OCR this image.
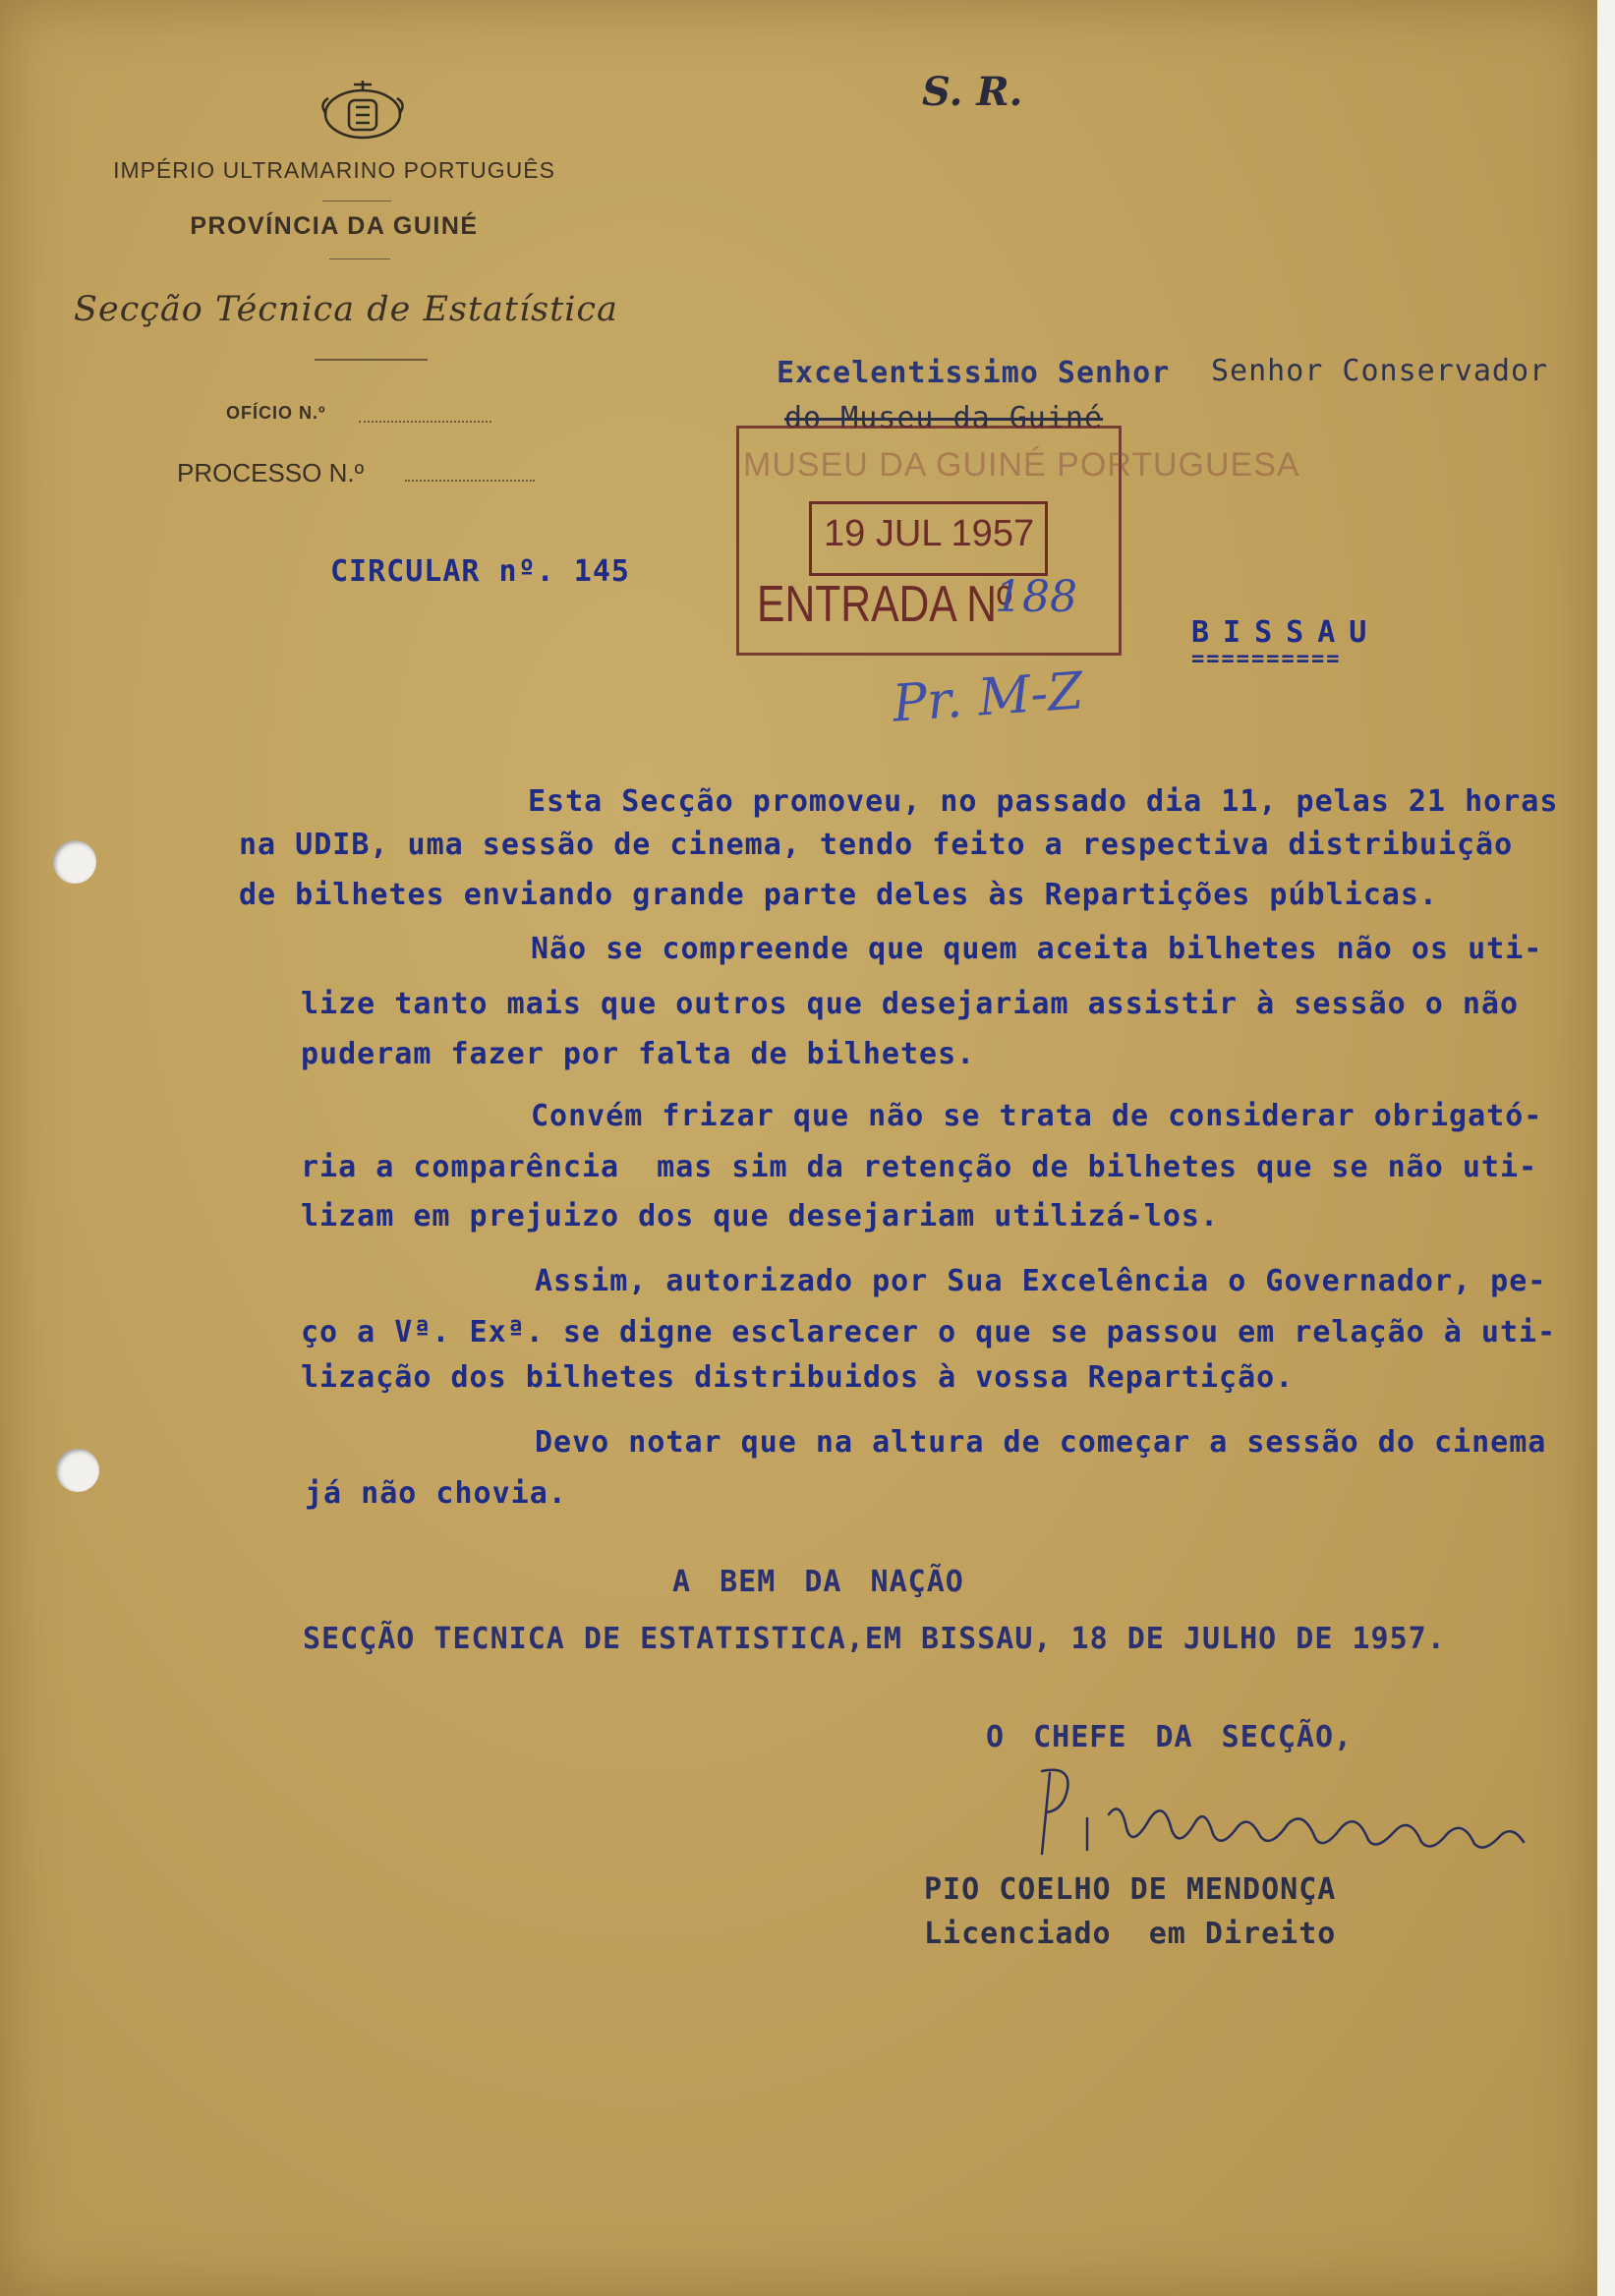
IMPÉRIO ULTRAMARINO PORTUGUÊS
PROVÍNCIA DA GUINÉ
Secção Técnica de Estatística
OFÍCIO N.º
PROCESSO N.º
S. R.
CIRCULAR nº. 145
Excelentissimo Senhor Senhor Conservador
do Museu da Guiné
BISSAU
==========
MUSEU DA GUINÉ PORTUGUESA
19 JUL 1957
ENTRADA Nº
188
Pr. M-Z
Esta Secção promoveu, no passado dia 11, pelas 21 horas
na UDIB, uma sessão de cinema, tendo feito a respectiva distribuição
de bilhetes enviando grande parte deles às Repartições públicas.
Não se compreende que quem aceita bilhetes não os uti-
lize tanto mais que outros que desejariam assistir à sessão o não
puderam fazer por falta de bilhetes.
Convém frizar que não se trata de considerar obrigató-
ria a comparência  mas sim da retenção de bilhetes que se não uti-
lizam em prejuizo dos que desejariam utilizá-los.
Assim, autorizado por Sua Excelência o Governador, pe-
ço a Vª. Exª. se digne esclarecer o que se passou em relação à uti-
lização dos bilhetes distribuidos à vossa Repartição.
Devo notar que na altura de começar a sessão do cinema
já não chovia.
A BEM DA NAÇÃO
SECÇÃO TECNICA DE ESTATISTICA,EM BISSAU, 18 DE JULHO DE 1957.
O CHEFE DA SECÇÃO,
PIO COELHO DE MENDONÇA
Licenciado  em Direito
